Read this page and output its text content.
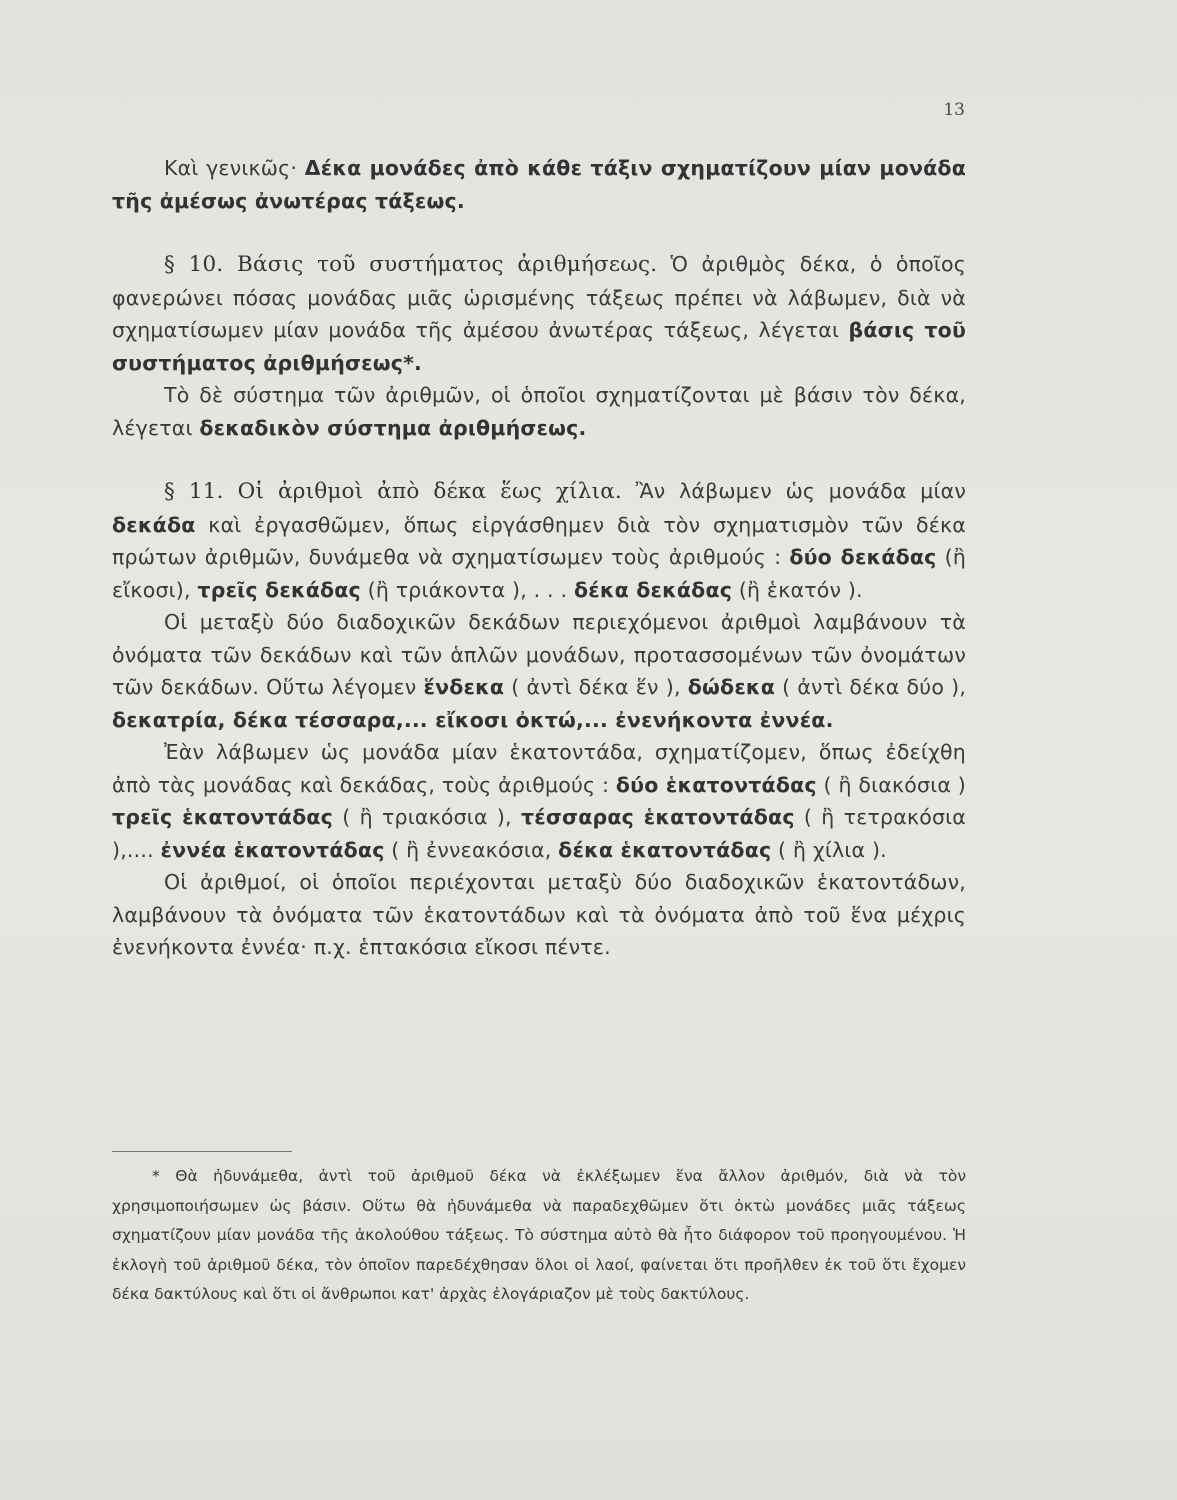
13

Καὶ γενικῶς· Δέκα μονάδες ἀπὸ κάθε τάξιν σχηματίζουν μίαν μονάδα τῆς ἀμέσως ἀνωτέρας τάξεως.

§ 10. Βάσις τοῦ συστήματος ἀριθμήσεως. Ὁ ἀριθμὸς δέκα, ὁ ὁποῖος φανερώνει πόσας μονάδας μιᾶς ὡρισμένης τάξεως πρέπει νὰ λάβωμεν, διὰ νὰ σχηματίσωμεν μίαν μονάδα τῆς ἀμέσου ἀνωτέρας τάξεως, λέγεται βάσις τοῦ συστήματος ἀριθμήσεως*.

Τὸ δὲ σύστημα τῶν ἀριθμῶν, οἱ ὁποῖοι σχηματίζονται μὲ βάσιν τὸν δέκα, λέγεται δεκαδικὸν σύστημα ἀριθμήσεως.

§ 11. Οἱ ἀριθμοὶ ἀπὸ δέκα ἕως χίλια. Ἂν λάβωμεν ὡς μονάδα μίαν δεκάδα καὶ ἐργασθῶμεν, ὅπως εἰργάσθημεν διὰ τὸν σχηματισμὸν τῶν δέκα πρώτων ἀριθμῶν, δυνάμεθα νὰ σχηματίσωμεν τοὺς ἀριθμούς : δύο δεκάδας (ἢ εἴκοσι), τρεῖς δεκάδας (ἢ τριάκοντα ), . . . δέκα δεκάδας (ἢ ἑκατόν ).

Οἱ μεταξὺ δύο διαδοχικῶν δεκάδων περιεχόμενοι ἀριθμοὶ λαμβάνουν τὰ ὀνόματα τῶν δεκάδων καὶ τῶν ἁπλῶν μονάδων, προτασσομένων τῶν ὀνομάτων τῶν δεκάδων. Οὕτω λέγομεν ἕνδεκα ( ἀντὶ δέκα ἕν ), δώδεκα ( ἀντὶ δέκα δύο ), δεκατρία, δέκα τέσσαρα,... εἴκοσι ὀκτώ,... ἐνενήκοντα ἐννέα.

Ἐὰν λάβωμεν ὡς μονάδα μίαν ἑκατοντάδα, σχηματίζομεν, ὅπως ἐδείχθη ἀπὸ τὰς μονάδας καὶ δεκάδας, τοὺς ἀριθμούς : δύο ἑκατοντάδας ( ἢ διακόσια ) τρεῖς ἑκατοντάδας ( ἢ τριακόσια ), τέσσαρας ἑκατοντάδας ( ἢ τετρακόσια ),.... ἐννέα ἑκατοντάδας ( ἢ ἐννεακόσια, δέκα ἑκατοντάδας ( ἢ χίλια ).

Οἱ ἀριθμοί, οἱ ὁποῖοι περιέχονται μεταξὺ δύο διαδοχικῶν ἑκατοντάδων, λαμβάνουν τὰ ὀνόματα τῶν ἑκατοντάδων καὶ τὰ ὀνόματα ἀπὸ τοῦ ἕνα μέχρις ἐνενήκοντα ἐννέα· π.χ. ἑπτακόσια εἴκοσι πέντε.

* Θὰ ἠδυνάμεθα, ἀντὶ τοῦ ἀριθμοῦ δέκα νὰ ἐκλέξωμεν ἕνα ἄλλον ἀριθμόν, διὰ νὰ τὸν χρησιμοποιήσωμεν ὡς βάσιν. Οὕτω θὰ ἠδυνάμεθα νὰ παραδεχθῶμεν ὅτι ὀκτὼ μονάδες μιᾶς τάξεως σχηματίζουν μίαν μονάδα τῆς ἀκολούθου τάξεως. Τὸ σύστημα αὐτὸ θὰ ἦτο διάφορον τοῦ προηγουμένου. Ἡ ἐκλογὴ τοῦ ἀριθμοῦ δέκα, τὸν ὁποῖον παρεδέχθησαν ὅλοι οἱ λαοί, φαίνεται ὅτι προῆλθεν ἐκ τοῦ ὅτι ἔχομεν δέκα δακτύλους καὶ ὅτι οἱ ἄνθρωποι κατ' ἀρχὰς ἐλογάριαζον μὲ τοὺς δακτύλους.
